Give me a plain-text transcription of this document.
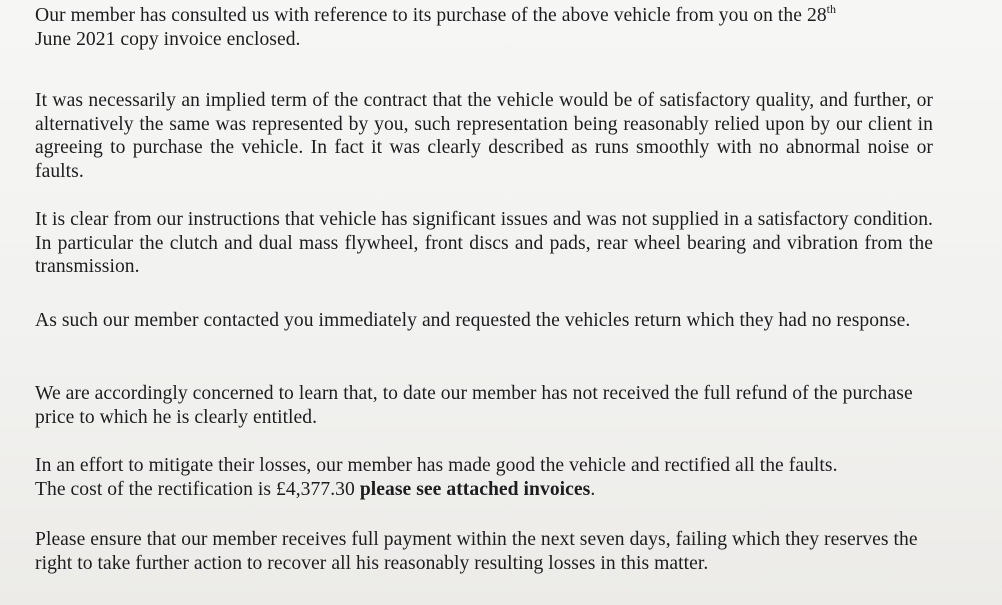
Our member has consulted us with reference to its purchase of the above vehicle from you on the 28th
June 2021 copy invoice enclosed.

It was necessarily an implied term of the contract that the vehicle would be of satisfactory quality, and further, or alternatively the same was represented by you, such representation being reasonably relied upon by our client in agreeing to purchase the vehicle. In fact it was clearly described as runs smoothly with no abnormal noise or faults.

It is clear from our instructions that vehicle has significant issues and was not supplied in a satisfactory condition. In particular the clutch and dual mass flywheel, front discs and pads, rear wheel bearing and vibration from the transmission.

As such our member contacted you immediately and requested the vehicles return which they had no response.

We are accordingly concerned to learn that, to date our member has not received the full refund of the purchase price to which he is clearly entitled.

In an effort to mitigate their losses, our member has made good the vehicle and rectified all the faults.
The cost of the rectification is £4,377.30 please see attached invoices.

Please ensure that our member receives full payment within the next seven days, failing which they reserves the right to take further action to recover all his reasonably resulting losses in this matter.
